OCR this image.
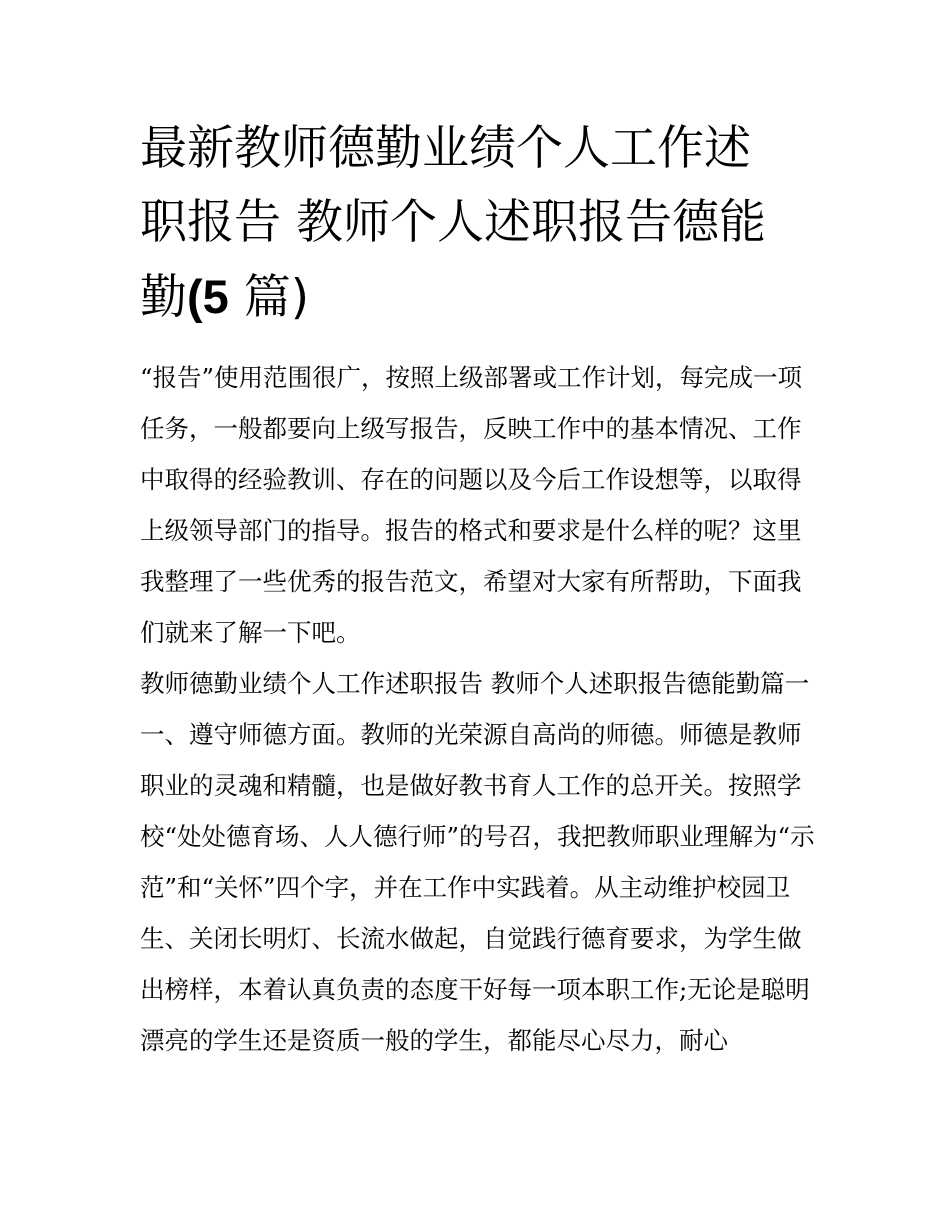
最新教师德勤业绩个人工作述
职报告 教师个人述职报告德能
勤(5 篇)

“报告”使用范围很广，按照上级部署或工作计划，每完成一项任务，一般都要向上级写报告，反映工作中的基本情况、工作中取得的经验教训、存在的问题以及今后工作设想等，以取得上级领导部门的指导。报告的格式和要求是什么样的呢？这里我整理了一些优秀的报告范文，希望对大家有所帮助，下面我们就来了解一下吧。

教师德勤业绩个人工作述职报告 教师个人述职报告德能勤篇一

一、遵守师德方面。教师的光荣源自高尚的师德。师德是教师职业的灵魂和精髓，也是做好教书育人工作的总开关。按照学校“处处德育场、人人德行师”的号召，我把教师职业理解为“示范”和“关怀”四个字，并在工作中实践着。从主动维护校园卫生、关闭长明灯、长流水做起，自觉践行德育要求，为学生做出榜样，本着认真负责的态度干好每一项本职工作;无论是聪明漂亮的学生还是资质一般的学生，都能尽心尽力，耐心
